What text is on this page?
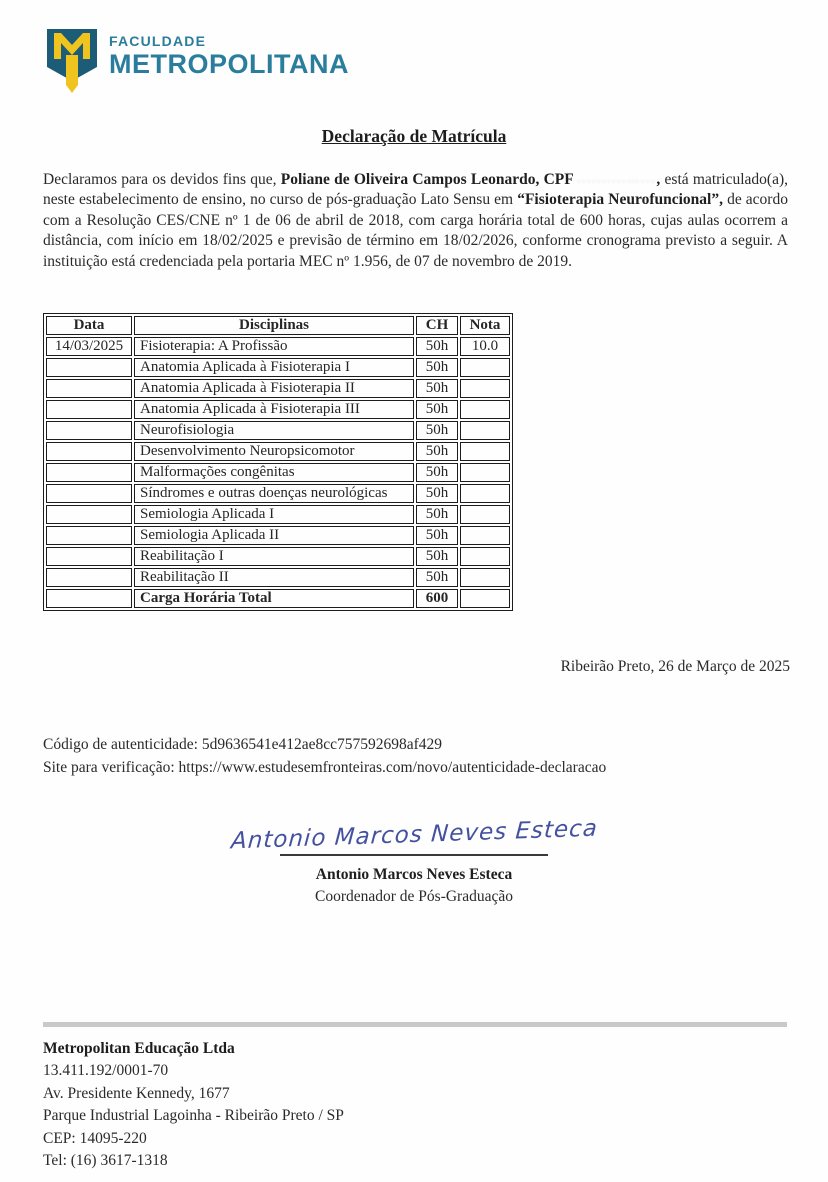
FACULDADE
METROPOLITANA
Declaração de Matrícula

Declaramos para os devidos fins que, Poliane de Oliveira Campos Leonardo, CPF ..........…..., está matriculado(a), neste estabelecimento de ensino, no curso de pós-graduação Lato Sensu em “Fisioterapia Neurofuncional”, de acordo com a Resolução CES/CNE nº 1 de 06 de abril de 2018, com carga horária total de 600 horas, cujas aulas ocorrem a distância, com início em 18/02/2025 e previsão de término em 18/02/2026, conforme cronograma previsto a seguir. A instituição está credenciada pela portaria MEC nº 1.956, de 07 de novembro de 2019.

Data	Disciplinas	CH	Nota
14/03/2025	Fisioterapia: A Profissão	50h	10.0
	Anatomia Aplicada à Fisioterapia I	50h	
	Anatomia Aplicada à Fisioterapia II	50h	
	Anatomia Aplicada à Fisioterapia III	50h	
	Neurofisiologia	50h	
	Desenvolvimento Neuropsicomotor	50h	
	Malformações congênitas	50h	
	Síndromes e outras doenças neurológicas	50h	
	Semiologia Aplicada I	50h	
	Semiologia Aplicada II	50h	
	Reabilitação I	50h	
	Reabilitação II	50h	
	Carga Horária Total	600	
Ribeirão Preto, 26 de Março de 2025
Código de autenticidade: 5d9636541e412ae8cc757592698af429
Site para verificação: https://www.estudesemfronteiras.com/novo/autenticidade-declaracao
Antonio Marcos Neves Esteca
Antonio Marcos Neves Esteca
Coordenador de Pós-Graduação
Metropolitan Educação Ltda
13.411.192/0001-70
Av. Presidente Kennedy, 1677
Parque Industrial Lagoinha - Ribeirão Preto / SP
CEP: 14095-220
Tel: (16) 3617-1318
